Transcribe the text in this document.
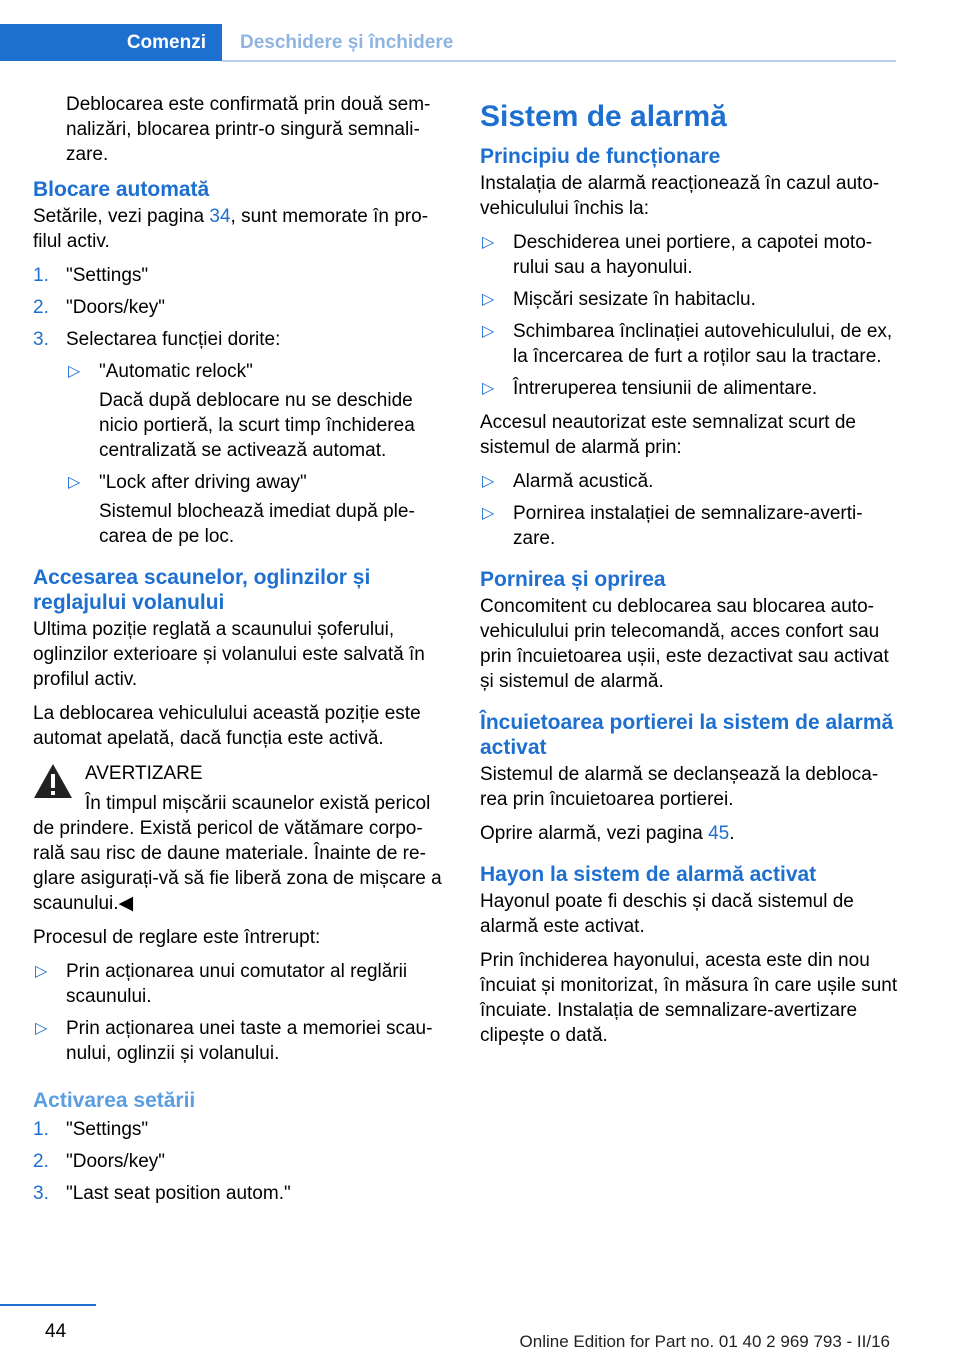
Comenzi	Deschidere și închidere

Deblocarea este confirmată prin două semnalizări, blocarea printr-o singură semnalizare.

Blocare automată

Setările, vezi pagina 34, sunt memorate în profilul activ.

1. "Settings"
2. "Doors/key"
3. Selectarea funcției dorite:
▷ "Automatic relock"

Dacă după deblocare nu se deschide nicio portieră, la scurt timp închiderea centralizată se activează automat.

▷ "Lock after driving away"

Sistemul blochează imediat după plecarea de pe loc.

Accesarea scaunelor, oglinzilor și reglajului volanului

Ultima poziție reglată a scaunului șoferului, oglinzilor exterioare și volanului este salvată în profilul activ.

La deblocarea vehiculului această poziție este automat apelată, dacă funcția este activă.

AVERTIZARE
În timpul mișcării scaunelor există pericol
de prindere. Există pericol de vătămare corporală sau risc de daune materiale. Înainte de reglare asigurați-vă să fie liberă zona de mișcare a scaunului.◀

Procesul de reglare este întrerupt:

▷ Prin acționarea unui comutator al reglării scaunului.
▷ Prin acționarea unei taste a memoriei scaunului, oglinzii și volanului.
Activarea setării
1. "Settings"
2. "Doors/key"
3. "Last seat position autom."
Sistem de alarmă
Principiu de funcționare

Instalația de alarmă reacționează în cazul autovehiculului închis la:

▷ Deschiderea unei portiere, a capotei motorului sau a hayonului.
▷ Mișcări sesizate în habitaclu.
▷ Schimbarea înclinației autovehiculului, de ex, la încercarea de furt a roților sau la tractare.
▷ Întreruperea tensiunii de alimentare.

Accesul neautorizat este semnalizat scurt de sistemul de alarmă prin:

▷ Alarmă acustică.
▷ Pornirea instalației de semnalizare-avertizare.
Pornirea și oprirea

Concomitent cu deblocarea sau blocarea autovehiculului prin telecomandă, acces confort sau prin încuietoarea ușii, este dezactivat sau activat și sistemul de alarmă.

Încuietoarea portierei la sistem de alarmă activat

Sistemul de alarmă se declanșează la deblocarea prin încuietoarea portierei.

Oprire alarmă, vezi pagina 45.

Hayon la sistem de alarmă activat

Hayonul poate fi deschis și dacă sistemul de alarmă este activat.

Prin închiderea hayonului, acesta este din nou încuiat și monitorizat, în măsura în care ușile sunt încuiate. Instalația de semnalizare-avertizare clipește o dată.

44	Online Edition for Part no. 01 40 2 969 793 - II/16
